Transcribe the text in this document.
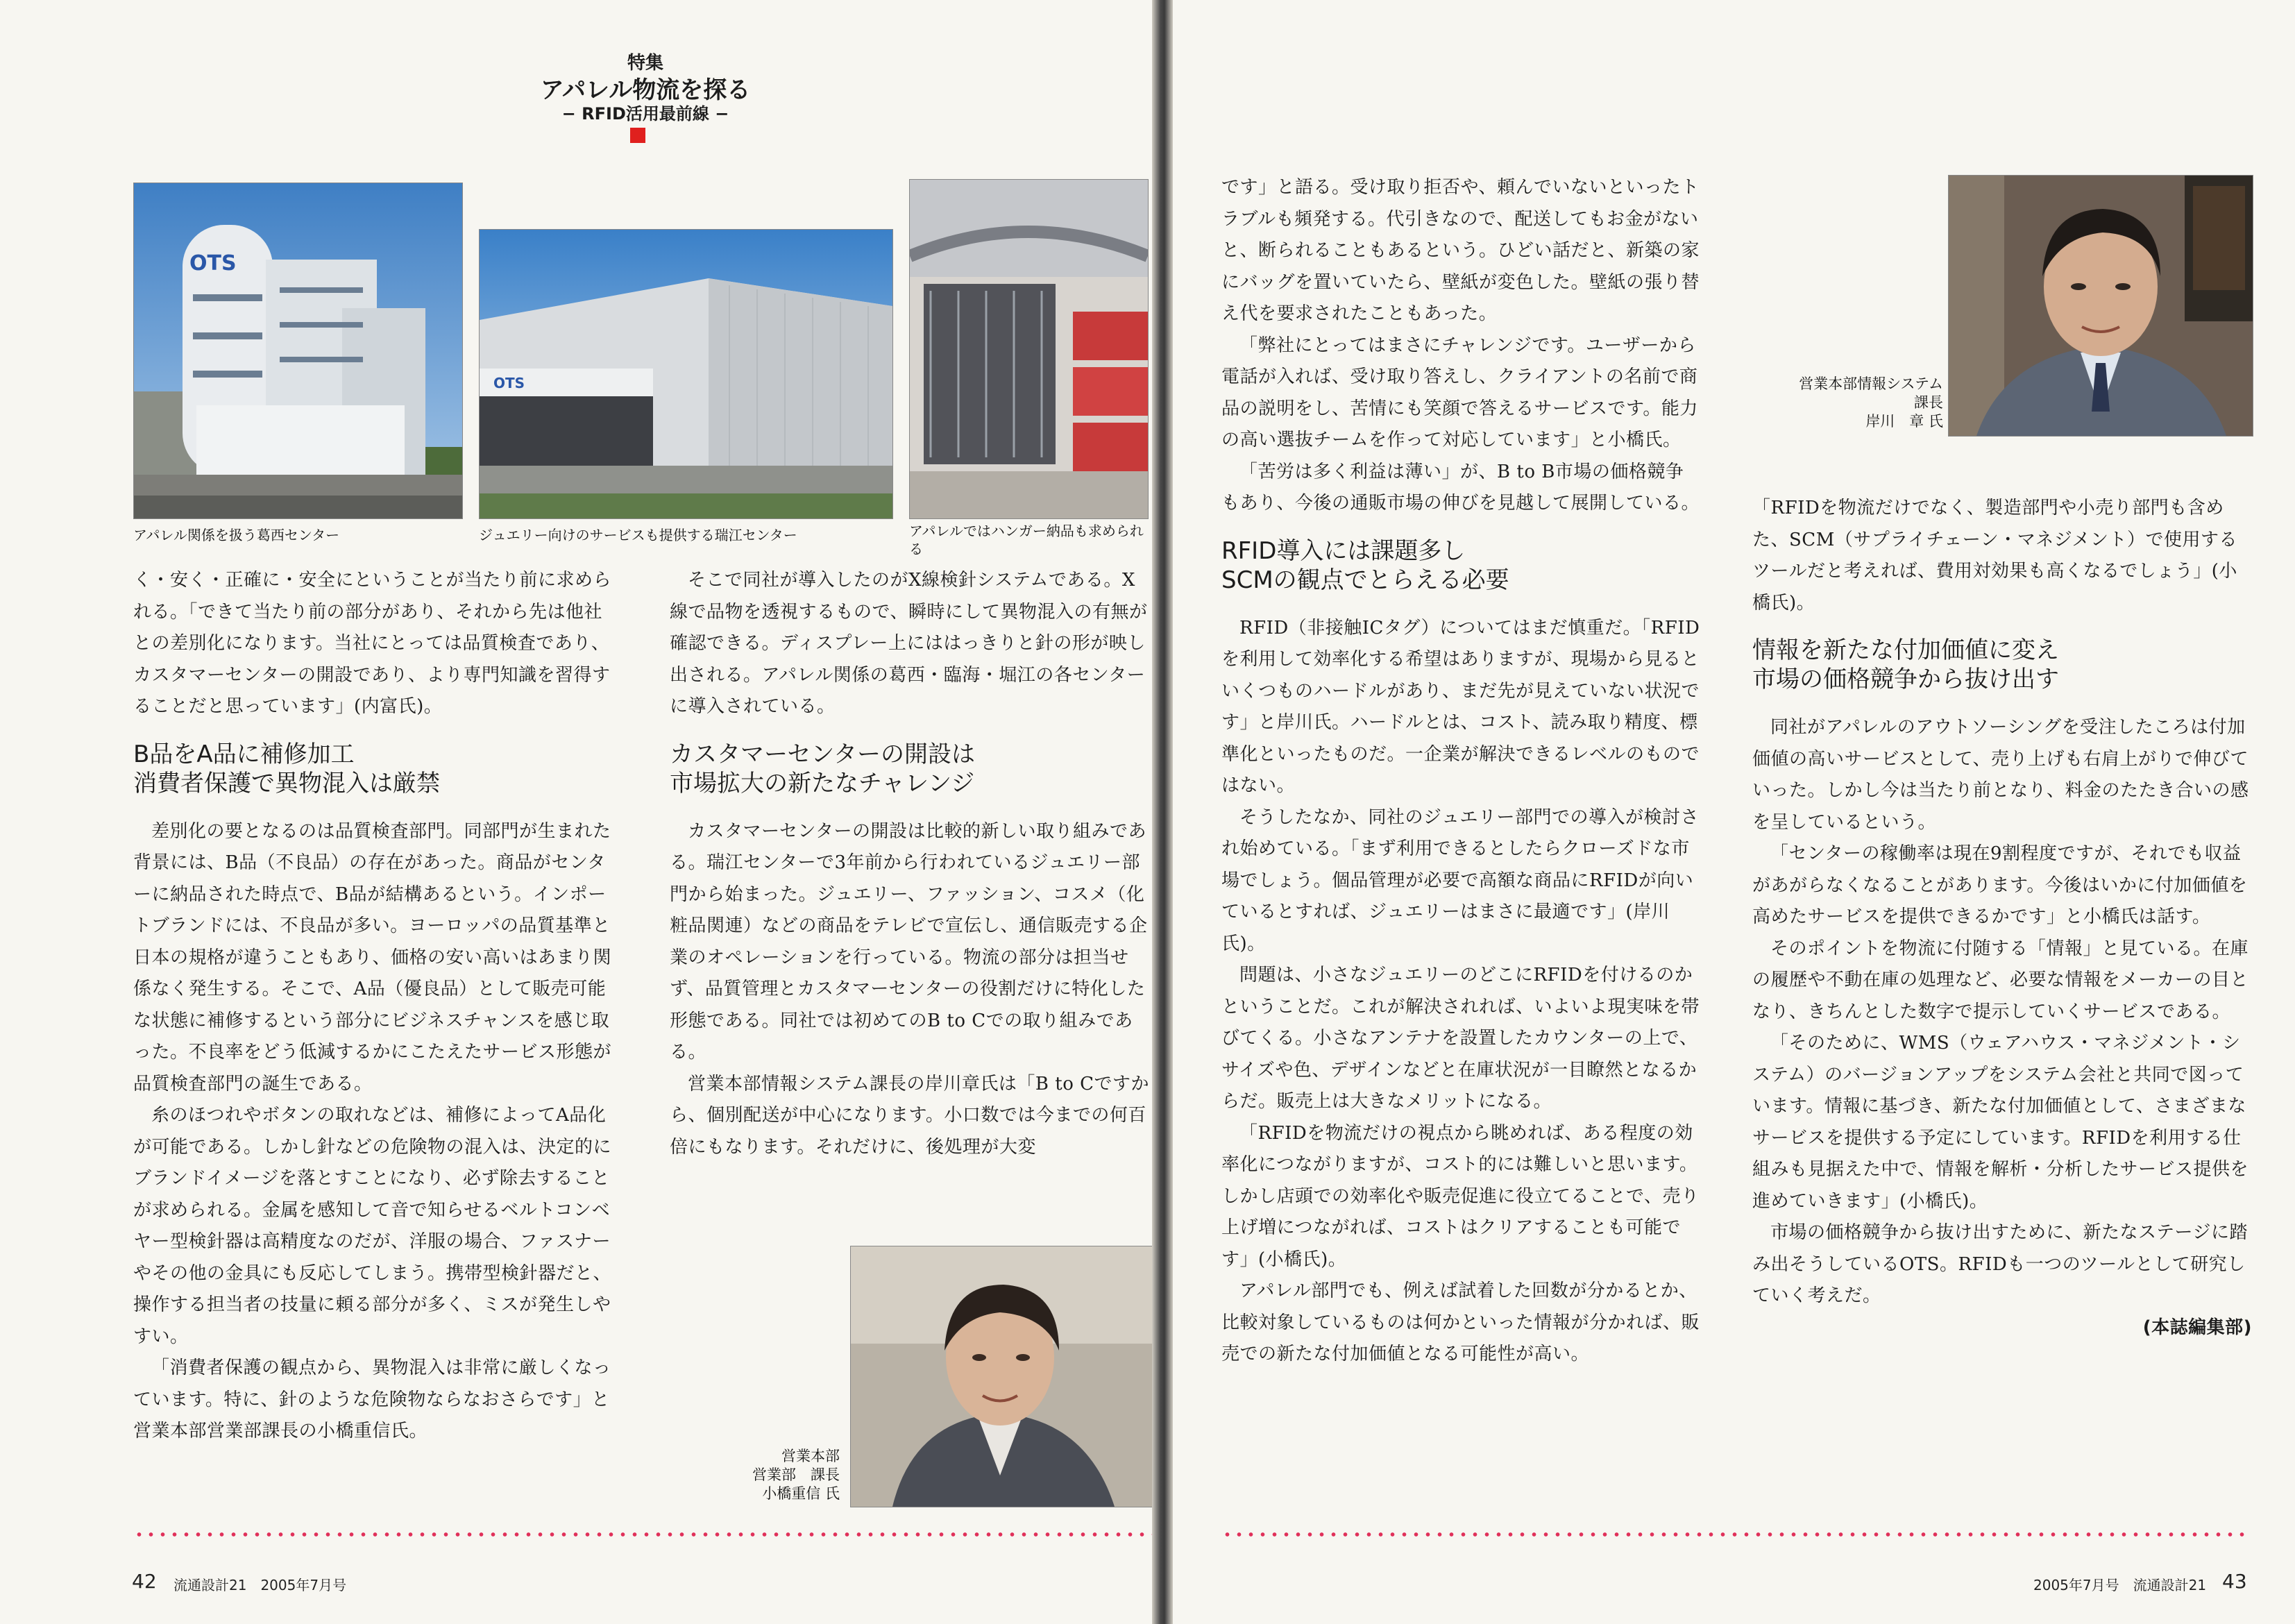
特集
アパレル物流を探る
− RFID活用最前線 −
OTS
アパレル関係を扱う葛西センター
OTS
ジュエリー向けのサービスも提供する瑞江センター	アパレルではハンガー納品も求められる

く・安く・正確に・安全にということが当たり前に求められる。「できて当たり前の部分があり、それから先は他社との差別化になります。当社にとっては品質検査であり、カスタマーセンターの開設であり、より専門知識を習得することだと思っています」(内富氏)。

B品をA品に補修加工
消費者保護で異物混入は厳禁

差別化の要となるのは品質検査部門。同部門が生まれた背景には、B品（不良品）の存在があった。商品がセンターに納品された時点で、B品が結構あるという。インポートブランドには、不良品が多い。ヨーロッパの品質基準と日本の規格が違うこともあり、価格の安い高いはあまり関係なく発生する。そこで、A品（優良品）として販売可能な状態に補修するという部分にビジネスチャンスを感じ取った。不良率をどう低減するかにこたえたサービス形態が品質検査部門の誕生である。

糸のほつれやボタンの取れなどは、補修によってA品化が可能である。しかし針などの危険物の混入は、決定的にブランドイメージを落とすことになり、必ず除去することが求められる。金属を感知して音で知らせるベルトコンベヤー型検針器は高精度なのだが、洋服の場合、ファスナーやその他の金具にも反応してしまう。携帯型検針器だと、操作する担当者の技量に頼る部分が多く、ミスが発生しやすい。

「消費者保護の観点から、異物混入は非常に厳しくなっています。特に、針のような危険物ならなおさらです」と営業本部営業部課長の小橋重信氏。

そこで同社が導入したのがX線検針システムである。X線で品物を透視するもので、瞬時にして異物混入の有無が確認できる。ディスプレー上にははっきりと針の形が映し出される。アパレル関係の葛西・臨海・堀江の各センターに導入されている。

カスタマーセンターの開設は
市場拡大の新たなチャレンジ

カスタマーセンターの開設は比較的新しい取り組みである。瑞江センターで3年前から行われているジュエリー部門から始まった。ジュエリー、ファッション、コスメ（化粧品関連）などの商品をテレビで宣伝し、通信販売する企業のオペレーションを行っている。物流の部分は担当せず、品質管理とカスタマーセンターの役割だけに特化した形態である。同社では初めてのB to Cでの取り組みである。

営業本部情報システム課長の岸川章氏は「B to Cですから、個別配送が中心になります。小口数では今までの何百倍にもなります。それだけに、後処理が大変

営業本部
営業部　課長
小橋重信 氏
42 流通設計21　2005年7月号

です」と語る。受け取り拒否や、頼んでいないといったトラブルも頻発する。代引きなので、配送してもお金がないと、断られることもあるという。ひどい話だと、新築の家にバッグを置いていたら、壁紙が変色した。壁紙の張り替え代を要求されたこともあった。

「弊社にとってはまさにチャレンジです。ユーザーから電話が入れば、受け取り答えし、クライアントの名前で商品の説明をし、苦情にも笑顔で答えるサービスです。能力の高い選抜チームを作って対応しています」と小橋氏。

「苦労は多く利益は薄い」が、B to B市場の価格競争もあり、今後の通販市場の伸びを見越して展開している。

RFID導入には課題多し
SCMの観点でとらえる必要

RFID（非接触ICタグ）についてはまだ慎重だ。「RFIDを利用して効率化する希望はありますが、現場から見るといくつものハードルがあり、まだ先が見えていない状況です」と岸川氏。ハードルとは、コスト、読み取り精度、標準化といったものだ。一企業が解決できるレベルのものではない。

そうしたなか、同社のジュエリー部門での導入が検討され始めている。「まず利用できるとしたらクローズドな市場でしょう。個品管理が必要で高額な商品にRFIDが向いているとすれば、ジュエリーはまさに最適です」(岸川氏)。

問題は、小さなジュエリーのどこにRFIDを付けるのかということだ。これが解決されれば、いよいよ現実味を帯びてくる。小さなアンテナを設置したカウンターの上で、サイズや色、デザインなどと在庫状況が一目瞭然となるからだ。販売上は大きなメリットになる。

「RFIDを物流だけの視点から眺めれば、ある程度の効率化につながりますが、コスト的には難しいと思います。しかし店頭での効率化や販売促進に役立てることで、売り上げ増につながれば、コストはクリアすることも可能です」(小橋氏)。

アパレル部門でも、例えば試着した回数が分かるとか、比較対象しているものは何かといった情報が分かれば、販売での新たな付加価値となる可能性が高い。

営業本部情報システム
課長
岸川　章 氏

「RFIDを物流だけでなく、製造部門や小売り部門も含めた、SCM（サプライチェーン・マネジメント）で使用するツールだと考えれば、費用対効果も高くなるでしょう」(小橋氏)。

情報を新たな付加価値に変え
市場の価格競争から抜け出す

同社がアパレルのアウトソーシングを受注したころは付加価値の高いサービスとして、売り上げも右肩上がりで伸びていった。しかし今は当たり前となり、料金のたたき合いの感を呈しているという。

「センターの稼働率は現在9割程度ですが、それでも収益があがらなくなることがあります。今後はいかに付加価値を高めたサービスを提供できるかです」と小橋氏は話す。

そのポイントを物流に付随する「情報」と見ている。在庫の履歴や不動在庫の処理など、必要な情報をメーカーの目となり、きちんとした数字で提示していくサービスである。

「そのために、WMS（ウェアハウス・マネジメント・システム）のバージョンアップをシステム会社と共同で図っています。情報に基づき、新たな付加価値として、さまざまなサービスを提供する予定にしています。RFIDを利用する仕組みも見据えた中で、情報を解析・分析したサービス提供を進めていきます」(小橋氏)。

市場の価格競争から抜け出すために、新たなステージに踏み出そうしているOTS。RFIDも一つのツールとして研究していく考えだ。

(本誌編集部)
2005年7月号　流通設計21 43
